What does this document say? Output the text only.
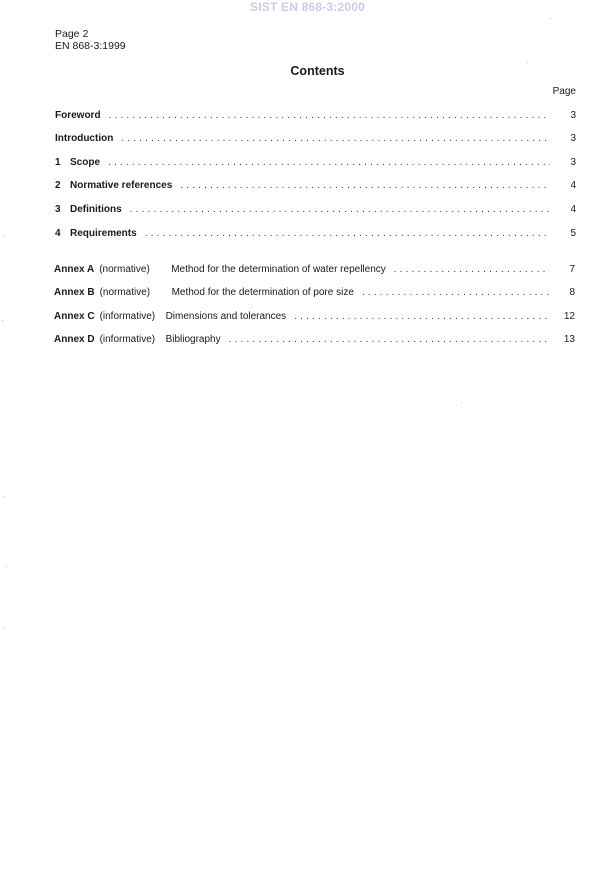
SIST EN 868-3:2000
Page 2
EN 868-3:1999
Contents
Page
Foreword . . .	3
Introduction . . .	3
1 Scope . . .	3
2 Normative references . . .	4
3 Definitions . . .	4
4 Requirements . . .	5
Annex A (normative)	Method for the determination of water repellency . . .	7
Annex B (normative)	Method for the determination of pore size . . .	8
Annex C (informative)	Dimensions and tolerances . . .	12
Annex D (informative)	Bibliography . . .	13
